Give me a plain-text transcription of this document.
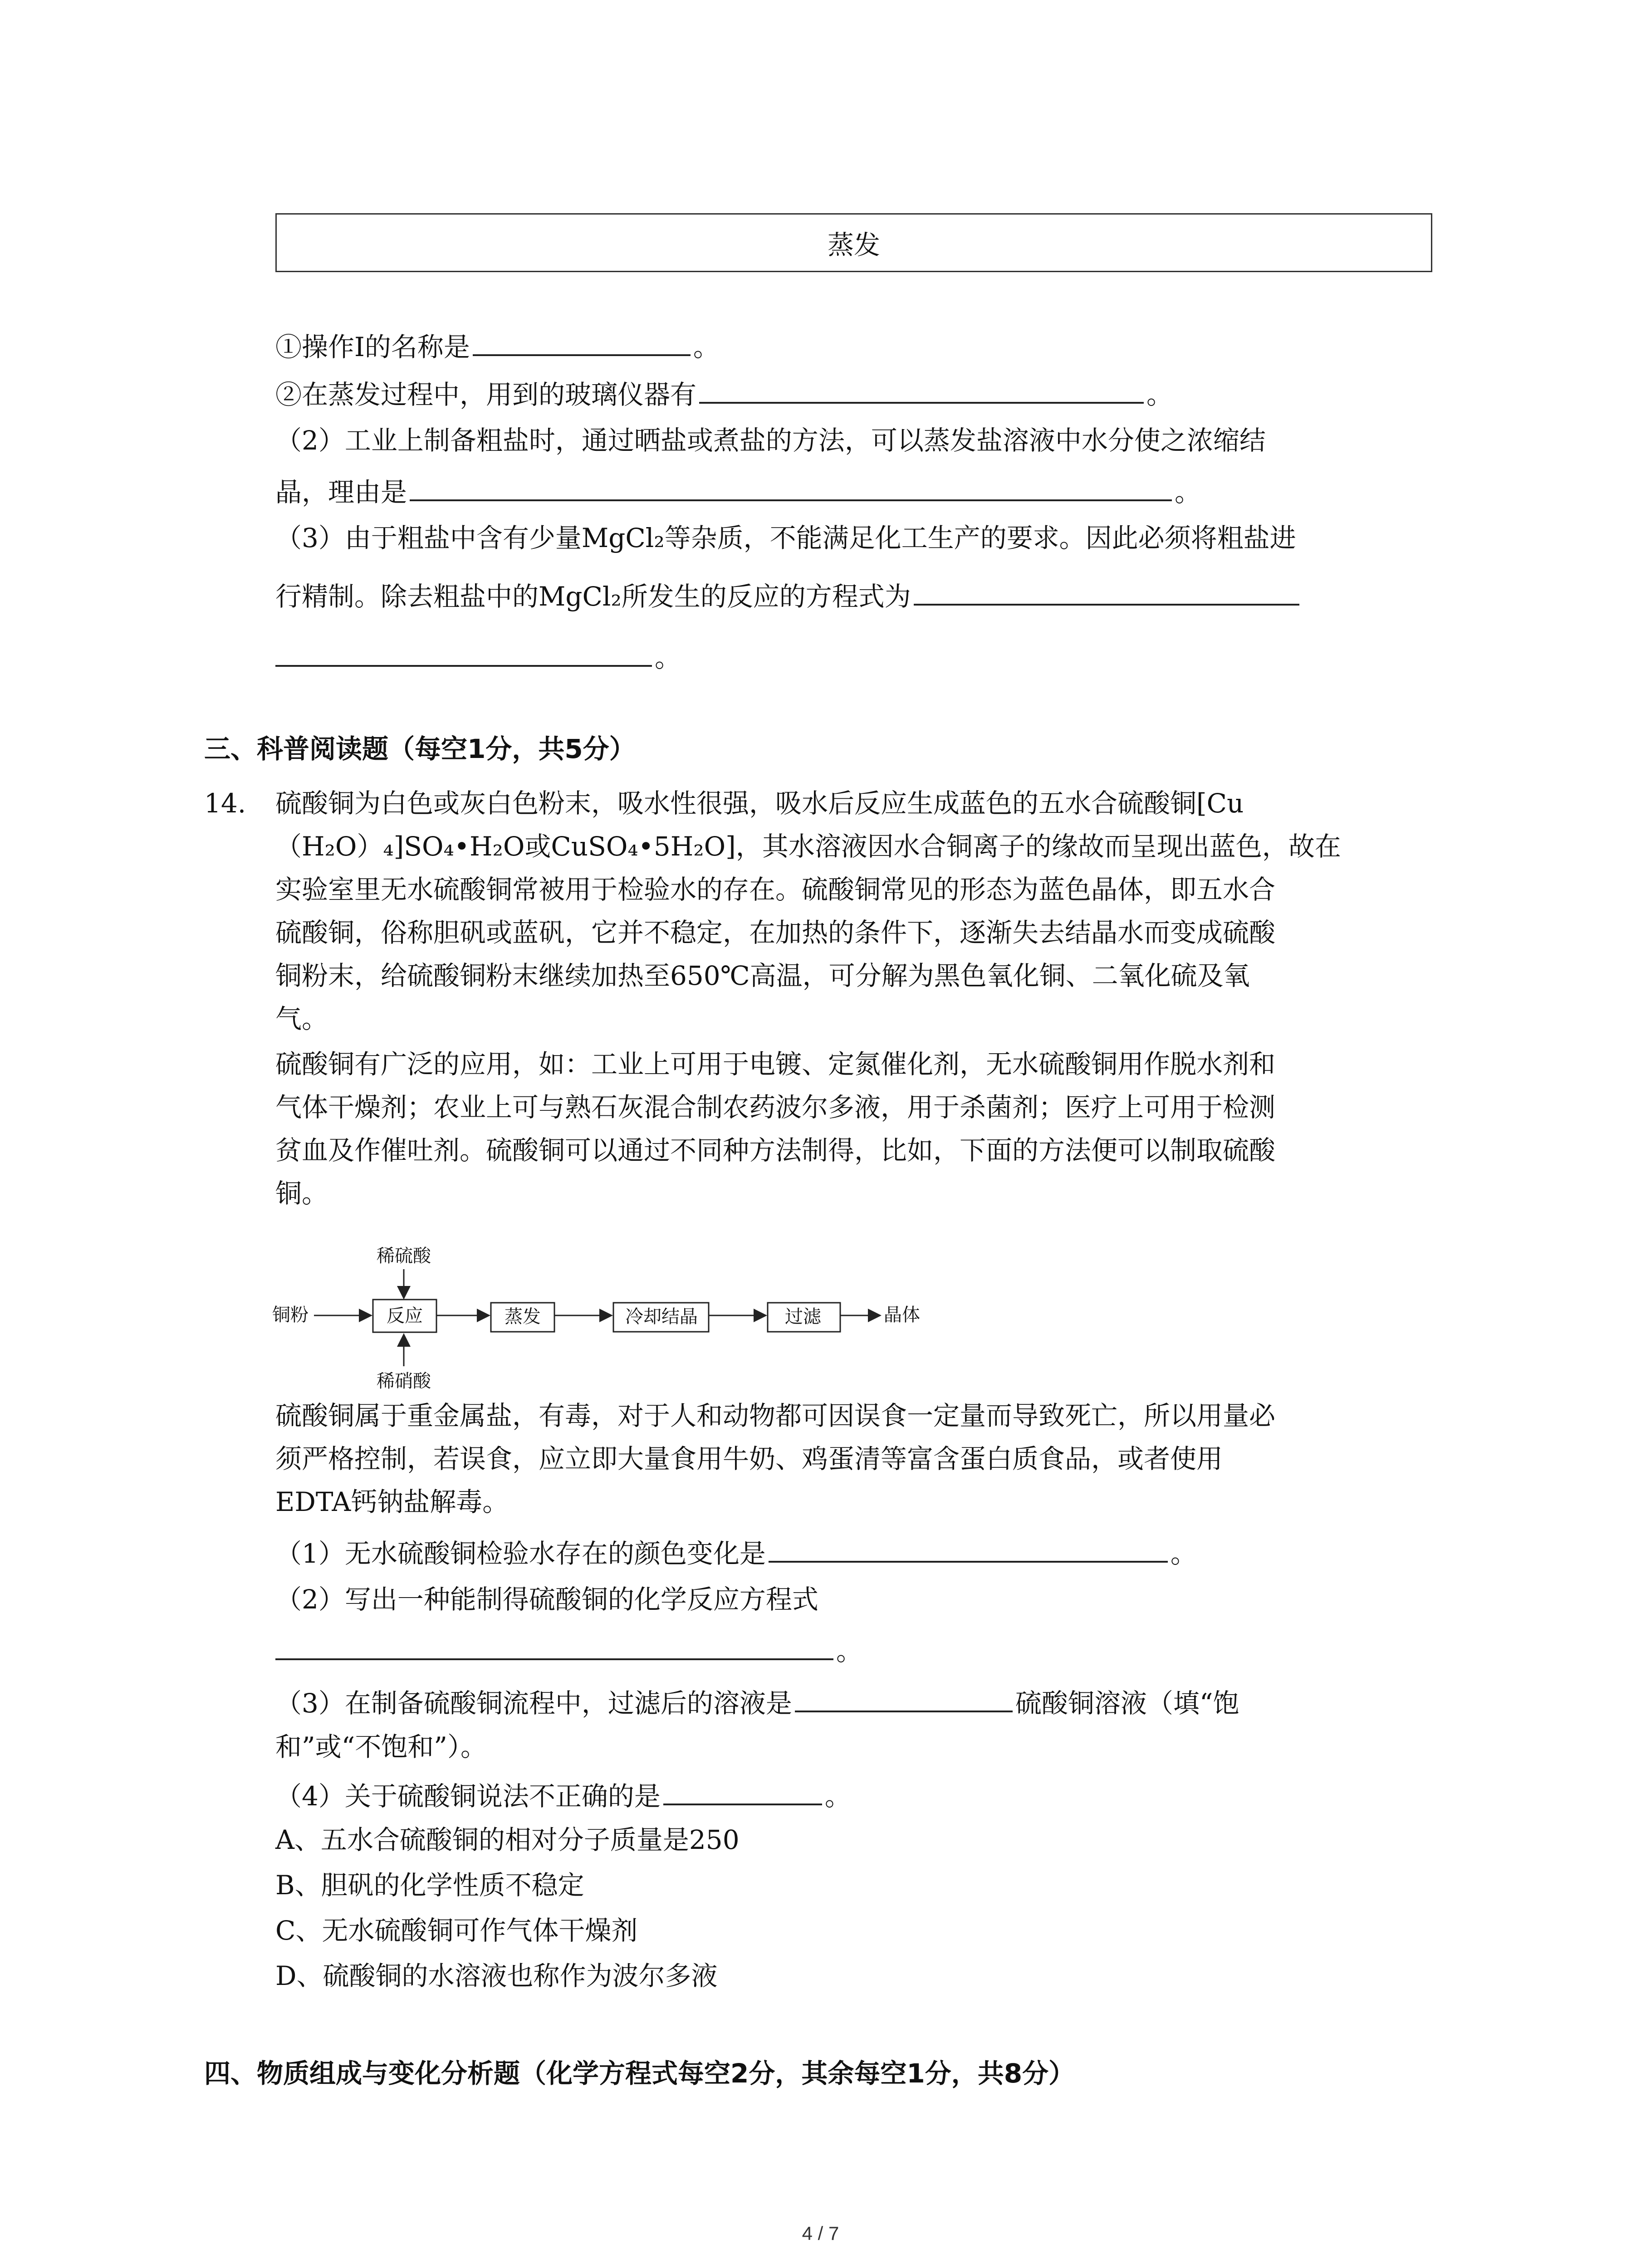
蒸发
①操作I的名称是	。
②在蒸发过程中，用到的玻璃仪器有	。
（2）工业上制备粗盐时，通过晒盐或煮盐的方法，可以蒸发盐溶液中水分使之浓缩结
晶，理由是	。
（3）由于粗盐中含有少量MgCl₂等杂质，不能满足化工生产的要求。因此必须将粗盐进
行精制。除去粗盐中的MgCl₂所发生的反应的方程式为
。
三、科普阅读题（每空1分，共5分）
14. 硫酸铜为白色或灰白色粉末，吸水性很强，吸水后反应生成蓝色的五水合硫酸铜[Cu
（H₂O）₄]SO₄•H₂O或CuSO₄•5H₂O]，其水溶液因水合铜离子的缘故而呈现出蓝色，故在
实验室里无水硫酸铜常被用于检验水的存在。硫酸铜常见的形态为蓝色晶体，即五水合
硫酸铜，俗称胆矾或蓝矾，它并不稳定，在加热的条件下，逐渐失去结晶水而变成硫酸
铜粉末，给硫酸铜粉末继续加热至650℃高温，可分解为黑色氧化铜、二氧化硫及氧
气。
硫酸铜有广泛的应用，如：工业上可用于电镀、定氮催化剂，无水硫酸铜用作脱水剂和
气体干燥剂；农业上可与熟石灰混合制农药波尔多液，用于杀菌剂；医疗上可用于检测
贫血及作催吐剂。硫酸铜可以通过不同种方法制得，比如，下面的方法便可以制取硫酸
铜。
稀硫酸
铜粉	反应	蒸发	冷却结晶	过滤	晶体
稀硝酸
硫酸铜属于重金属盐，有毒，对于人和动物都可因误食一定量而导致死亡，所以用量必
须严格控制，若误食，应立即大量食用牛奶、鸡蛋清等富含蛋白质食品，或者使用
EDTA钙钠盐解毒。
（1）无水硫酸铜检验水存在的颜色变化是	。
（2）写出一种能制得硫酸铜的化学反应方程式
。
（3）在制备硫酸铜流程中，过滤后的溶液是	硫酸铜溶液（填“饱
和”或“不饱和”）。
（4）关于硫酸铜说法不正确的是	。
A、五水合硫酸铜的相对分子质量是250
B、胆矾的化学性质不稳定
C、无水硫酸铜可作气体干燥剂
D、硫酸铜的水溶液也称作为波尔多液
四、物质组成与变化分析题（化学方程式每空2分，其余每空1分，共8分）
4 / 7
